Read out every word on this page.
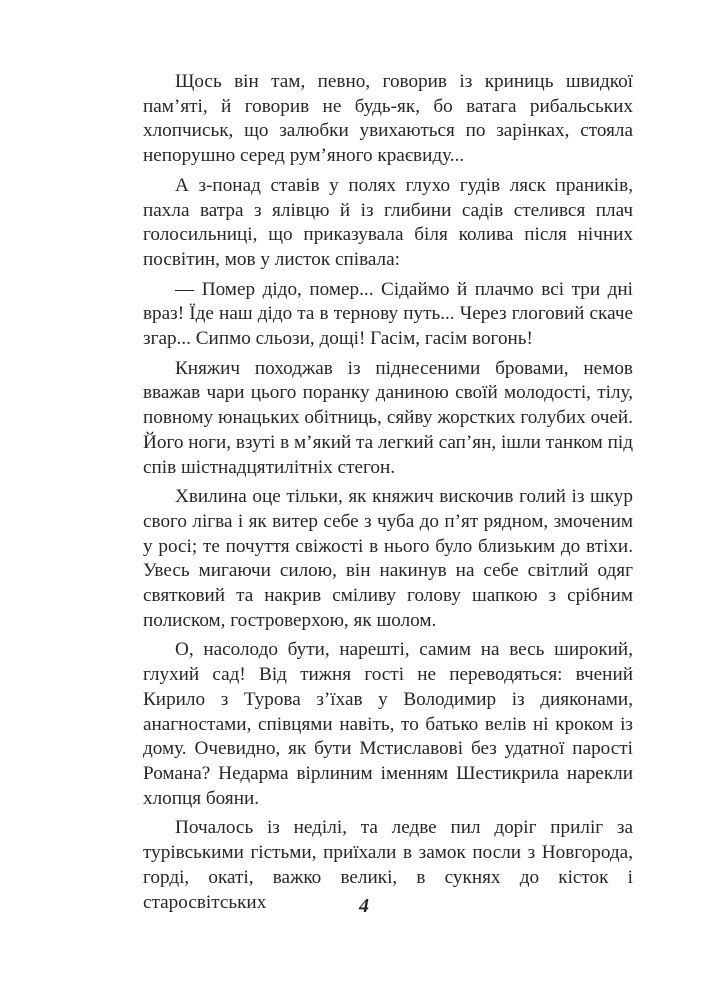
Щось він там, певно, говорив із криниць швидкої пам’яті, й говорив не будь-як, бо ватага рибальських хлопчиськ, що залюбки увихаються по зарінках, стояла непорушно серед рум’яного краєвиду...

А з-понад ставів у полях глухо гудів ляск праників, пахла ватра з ялівцю й із глибини садів стелився плач голосильниці, що приказувала біля колива після нічних посвітин, мов у листок співала:

— Помер дідо, помер... Сідаймо й плачмо всі три дні враз! Їде наш дідо та в тернову путь... Через глоговий скаче згар... Сипмо сльози, дощі! Гасім, гасім вогонь!

Княжич походжав із піднесеними бровами, немов вважав чари цього поранку даниною своїй молодості, тілу, повному юнацьких обітниць, сяйву жорстких голубих очей. Його ноги, взуті в м’який та легкий сап’ян, ішли танком під спів шістнадцятилітніх стегон.

Хвилина оце тільки, як княжич вискочив голий із шкур свого лігва і як витер себе з чуба до п’ят рядном, змоченим у росі; те почуття свіжості в нього було близьким до втіхи. Увесь мигаючи силою, він накинув на себе світлий одяг святковий та накрив сміливу голову шапкою з срібним полиском, гостроверхою, як шолом.

О, насолодо бути, нарешті, самим на весь широкий, глухий сад! Від тижня гості не переводяться: вчений Кирило з Турова з’їхав у Володимир із дияконами, анагностами, співцями навіть, то батько велів ні кроком із дому. Очевидно, як бути Мстиславові без удатної парості Романа? Недарма вірлиним іменням Шестикрила нарекли хлопця бояни.

Почалось із неділі, та ледве пил доріг приліг за турівськими гістьми, приїхали в замок посли з Новгорода, горді, окаті, важко великі, в сукнях до кісток і старосвітських	4
